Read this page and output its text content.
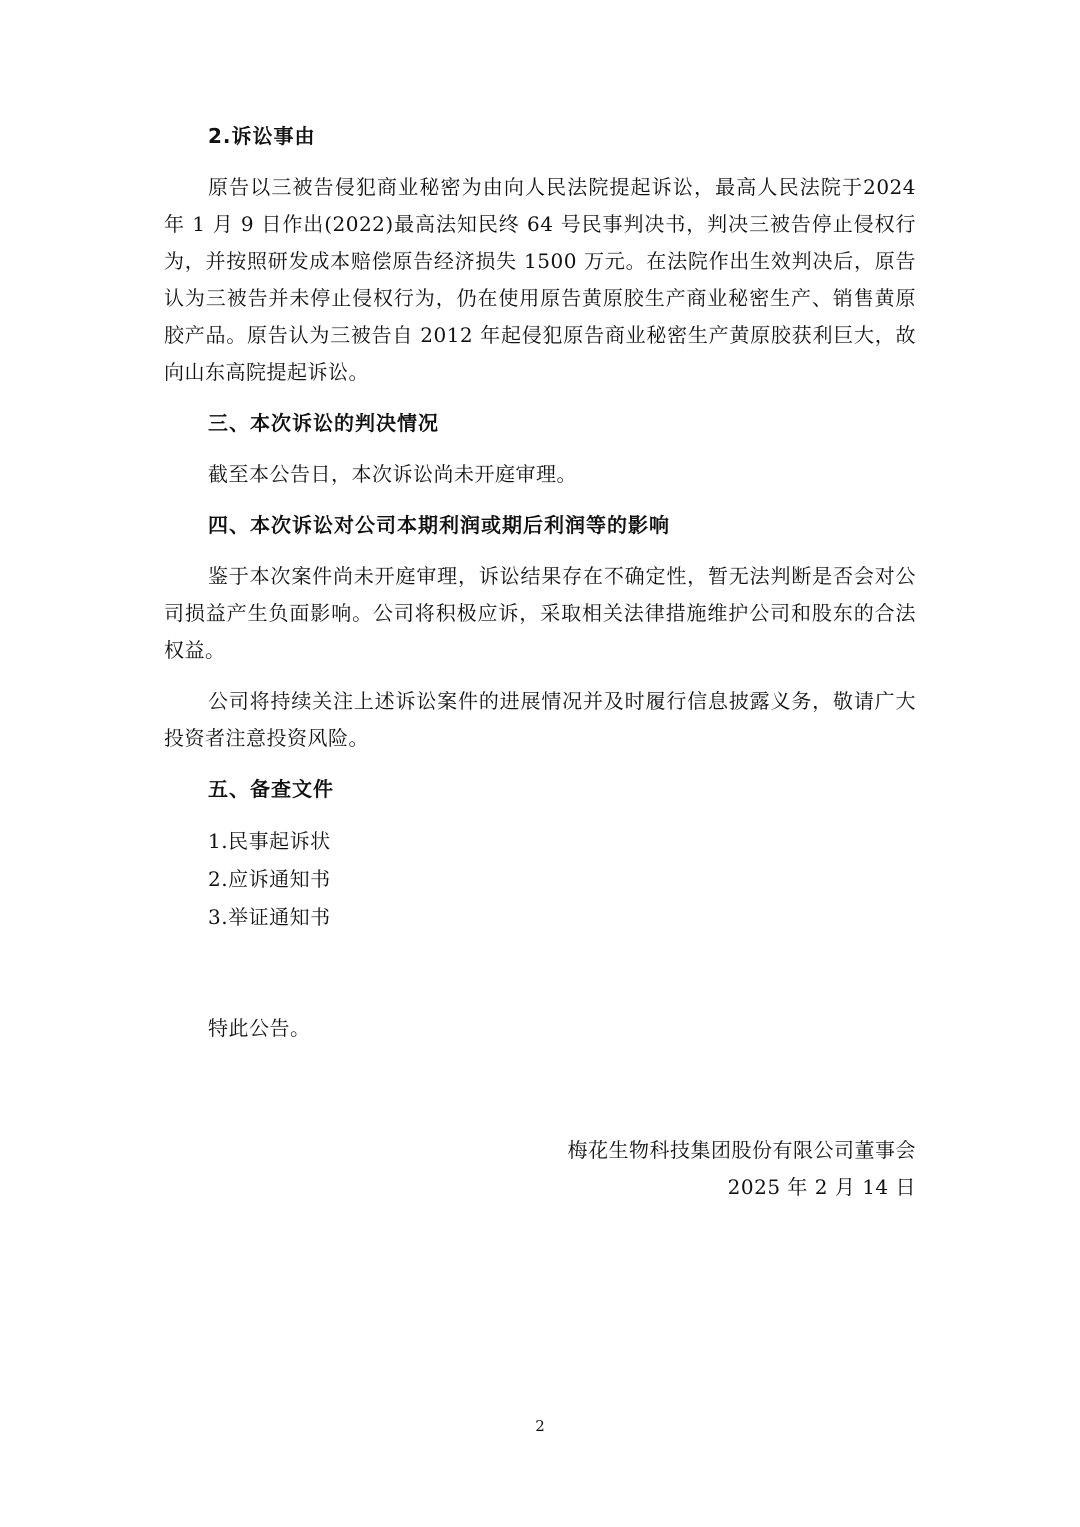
2.诉讼事由

原告以三被告侵犯商业秘密为由向人民法院提起诉讼，最高人民法院于2024年 1 月 9 日作出(2022)最高法知民终 64 号民事判决书，判决三被告停止侵权行为，并按照研发成本赔偿原告经济损失 1500 万元。在法院作出生效判决后，原告认为三被告并未停止侵权行为，仍在使用原告黄原胶生产商业秘密生产、销售黄原胶产品。原告认为三被告自 2012 年起侵犯原告商业秘密生产黄原胶获利巨大，故向山东高院提起诉讼。

三、本次诉讼的判决情况

截至本公告日，本次诉讼尚未开庭审理。

四、本次诉讼对公司本期利润或期后利润等的影响

鉴于本次案件尚未开庭审理，诉讼结果存在不确定性，暂无法判断是否会对公司损益产生负面影响。公司将积极应诉，采取相关法律措施维护公司和股东的合法权益。

公司将持续关注上述诉讼案件的进展情况并及时履行信息披露义务，敬请广大投资者注意投资风险。

五、备查文件

1.民事起诉状
2.应诉通知书
3.举证通知书

特此公告。

梅花生物科技集团股份有限公司董事会
2025 年 2 月 14 日
2
